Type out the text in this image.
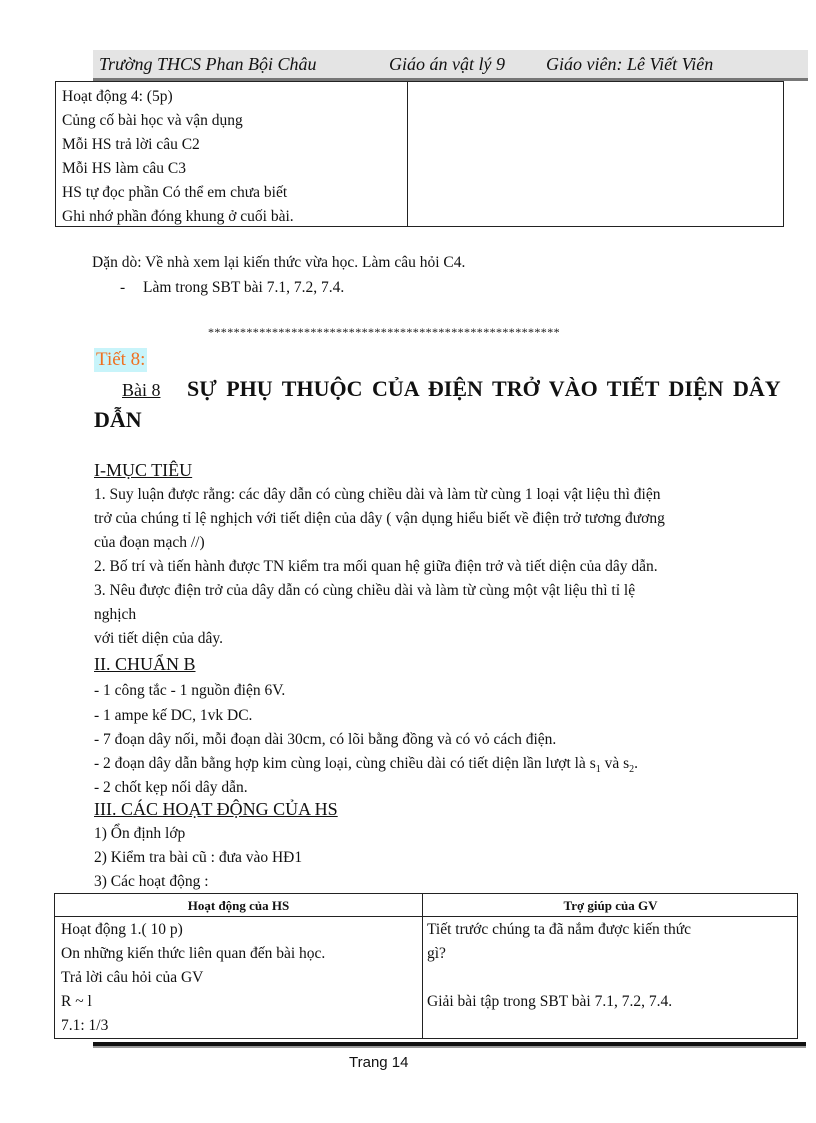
Trường THCS Phan Bội Châu	Giáo án vật lý 9 Giáo viên: Lê Viết Viên
Hoạt động 4: (5p)
Củng cố bài học và vận dụng
Mỗi HS trả lời câu C2
Mỗi HS làm câu C3
HS tự đọc phần Có thể em chưa biết
Ghi nhớ phần đóng khung ở cuối bài.
Dặn dò: Về nhà xem lại kiến thức vừa học. Làm câu hỏi C4.
- Làm trong SBT bài 7.1, 7.2, 7.4.
*******************************************************
Tiết 8:
Bài 8 SỰ PHỤ THUỘC CỦA ĐIỆN TRỞ VÀO TIẾT DIỆN DÂY
DẪN
I-MỤC TIÊU
1. Suy luận được rằng: các dây dẫn có cùng chiều dài và làm từ cùng 1 loại vật liệu thì điện
trở của chúng tỉ lệ nghịch với tiết diện của dây ( vận dụng hiểu biết về điện trở tương đương
của đoạn mạch //)
2. Bố trí và tiến hành được TN kiểm tra mối quan hệ giữa điện trở và tiết diện của dây dẫn.
3. Nêu được điện trở của dây dẫn có cùng chiều dài và làm từ cùng một vật liệu thì tỉ lệ
nghịch
với tiết diện của dây.
II. CHUẨN B
- 1 công tắc - 1 nguồn điện 6V.
- 1 ampe kế DC, 1vk DC.
- 7 đoạn dây nối, mỗi đoạn dài 30cm, có lõi bằng đồng và có vỏ cách điện.
- 2 đoạn dây dẫn bằng hợp kim cùng loại, cùng chiều dài có tiết diện lần lượt là $s_1$ và $s_2$.
- 2 chốt kẹp nối dây dẫn.
III. CÁC HOẠT ĐỘNG CỦA HS
1) Ổn định lớp
2) Kiểm tra bài cũ : đưa vào HĐ1
3) Các hoạt động :
Hoạt động của HS	Trợ giúp của GV
Hoạt động 1.( 10 p)
On những kiến thức liên quan đến bài học.
Trả lời câu hỏi của GV
R ~ l
7.1: 1/3
Tiết trước chúng ta đã nắm được kiến thức
gì?
Giải bài tập trong SBT bài 7.1, 7.2, 7.4.
Trang 14
